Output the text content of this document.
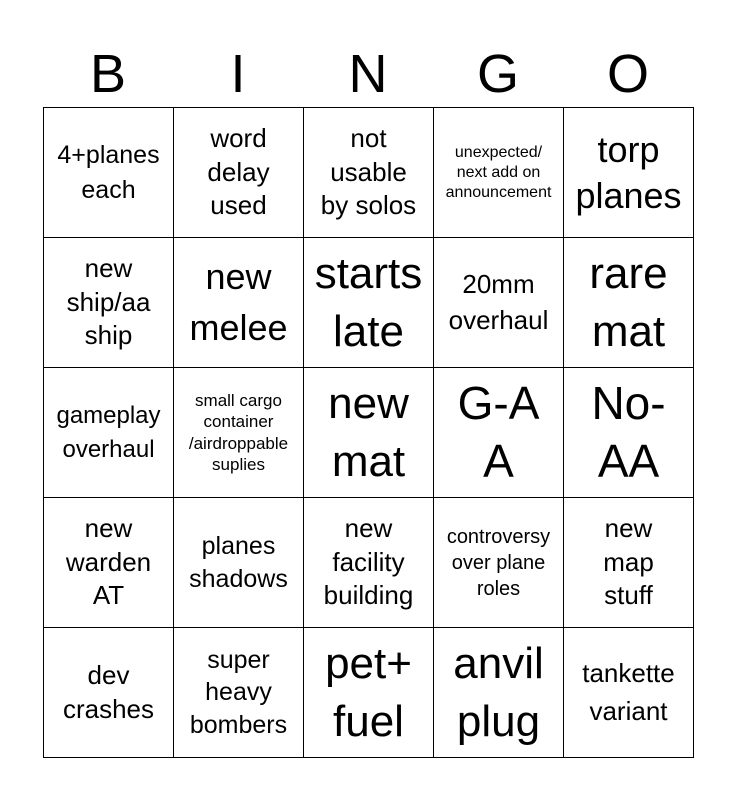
B	I	N	G	O
4+planes each	word delay used	not usable by solos	unexpected/ next add on announcement	torp planes

new ship/aa ship	new melee	starts late	20mm overhaul	rare mat

gameplay overhaul	small cargo container /airdroppable suplies	new mat	G-AA	No-AA

new warden AT	planes shadows	new facility building	controversy over plane roles	new map stuff

dev crashes	super heavy bombers	pet+ fuel	anvil plug	tankette variant
